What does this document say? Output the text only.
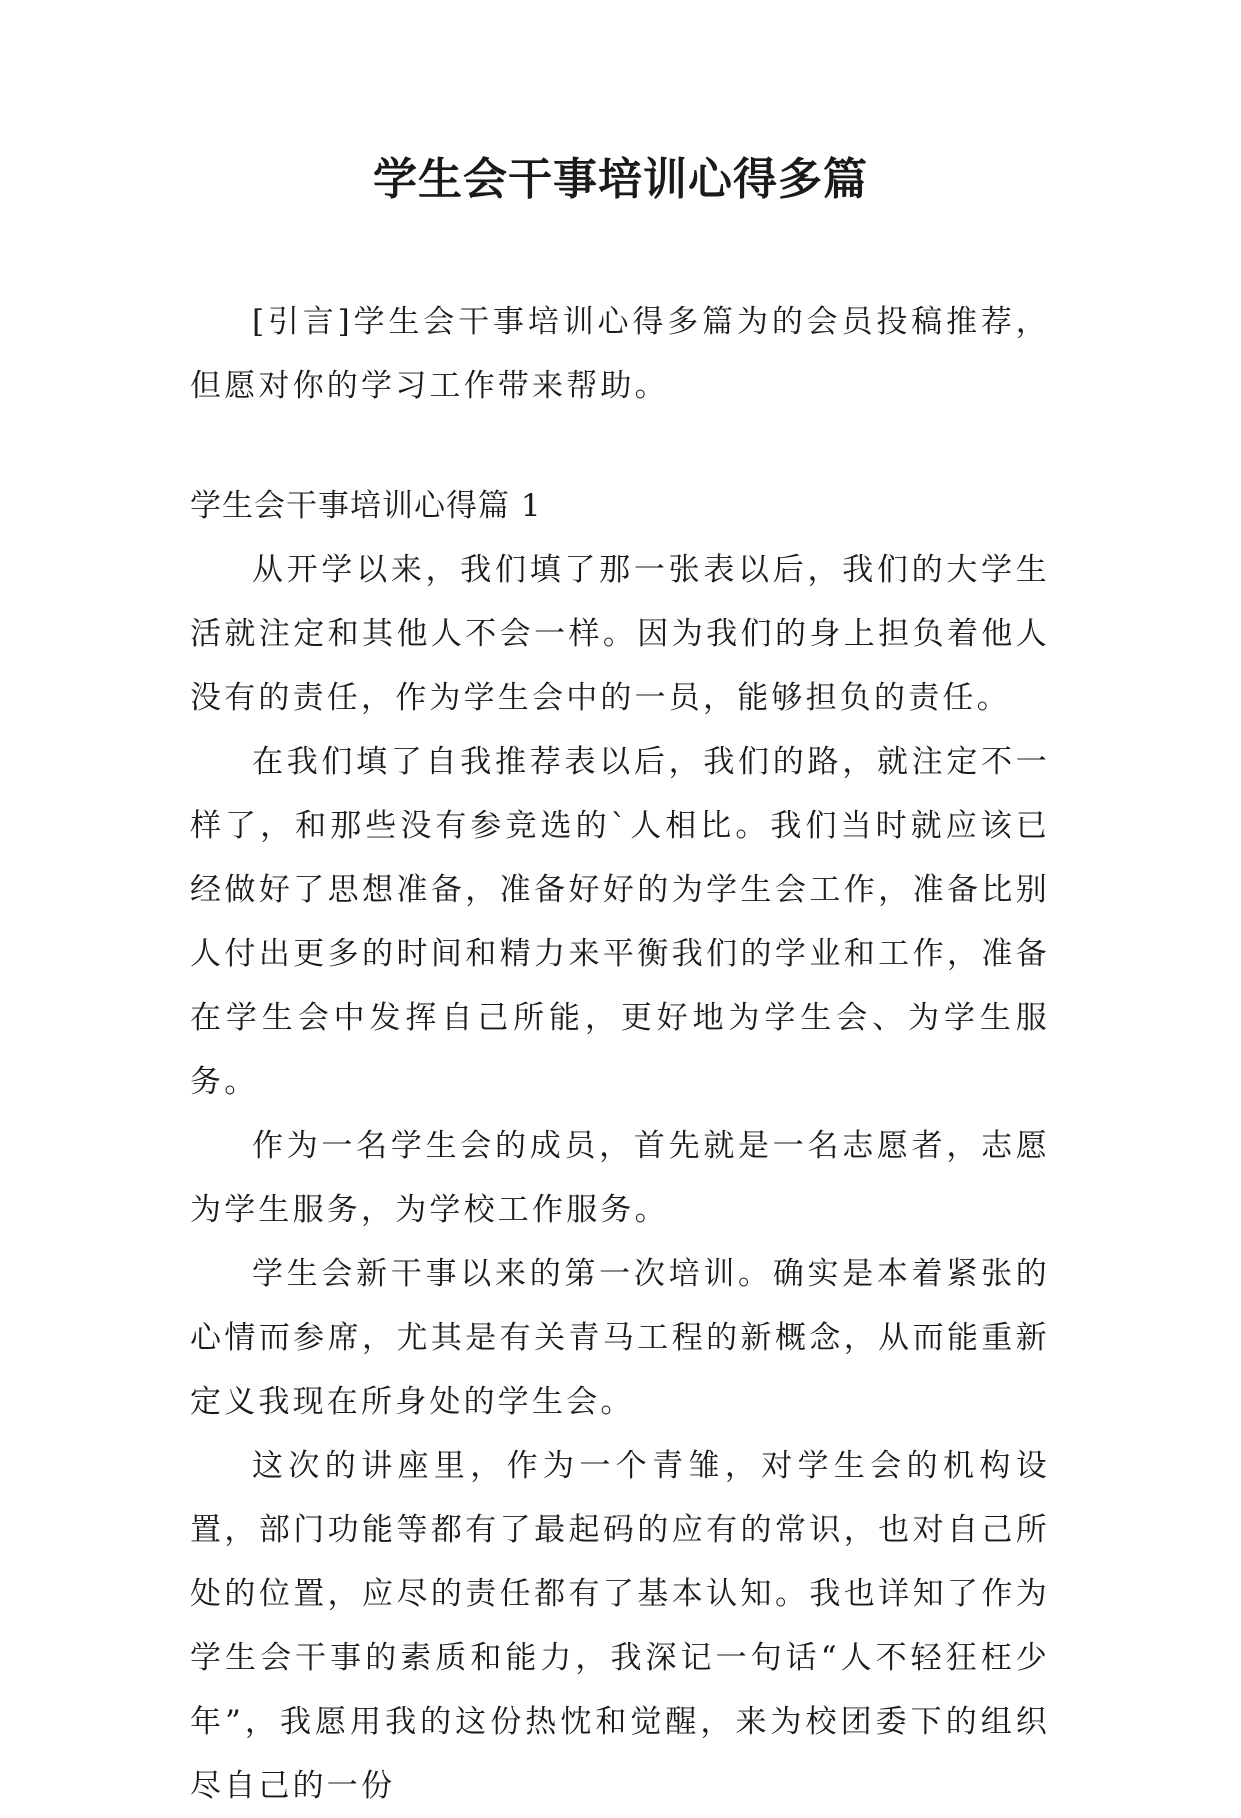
学生会干事培训心得多篇

[引言]学生会干事培训心得多篇为的会员投稿推荐，但愿对你的学习工作带来帮助。

学生会干事培训心得篇 1

从开学以来，我们填了那一张表以后，我们的大学生活就注定和其他人不会一样。因为我们的身上担负着他人没有的责任，作为学生会中的一员，能够担负的责任。

在我们填了自我推荐表以后，我们的路，就注定不一样了，和那些没有参竞选的`人相比。我们当时就应该已经做好了思想准备，准备好好的为学生会工作，准备比别人付出更多的时间和精力来平衡我们的学业和工作，准备在学生会中发挥自己所能，更好地为学生会、为学生服务。

作为一名学生会的成员，首先就是一名志愿者，志愿为学生服务，为学校工作服务。

学生会新干事以来的第一次培训。确实是本着紧张的心情而参席，尤其是有关青马工程的新概念，从而能重新定义我现在所身处的学生会。

这次的讲座里，作为一个青雏，对学生会的机构设置，部门功能等都有了最起码的应有的常识，也对自己所处的位置，应尽的责任都有了基本认知。我也详知了作为学生会干事的素质和能力，我深记一句话“人不轻狂枉少年”，我愿用我的这份热忱和觉醒，来为校团委下的组织尽自己的一份
